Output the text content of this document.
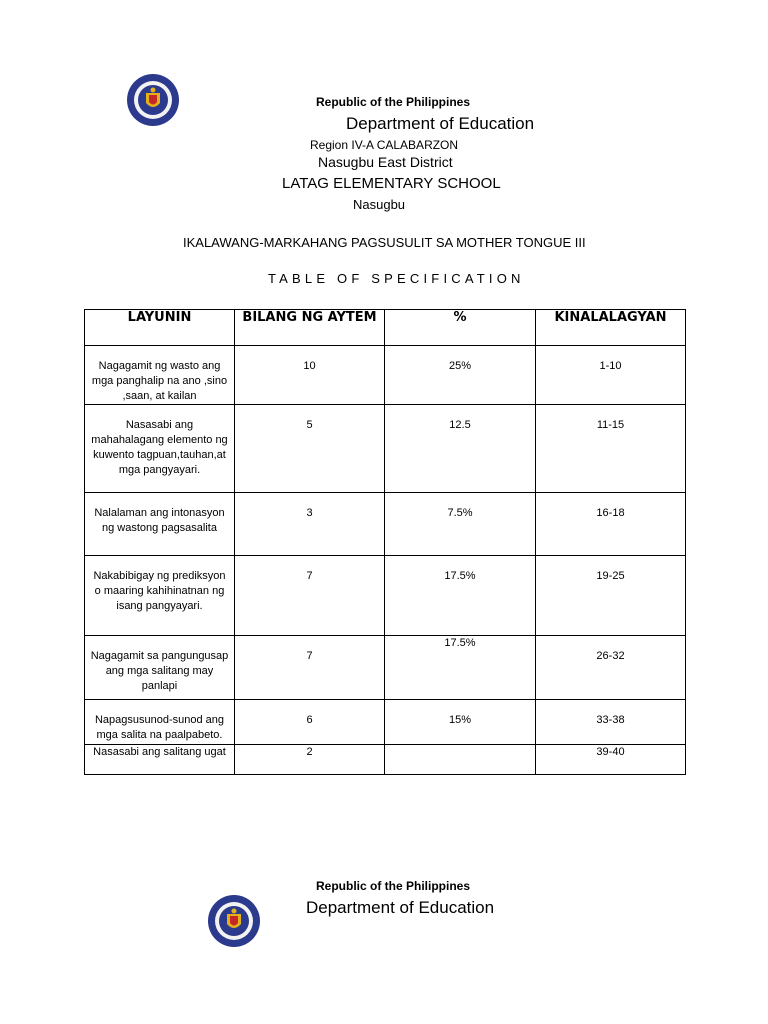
Republic of the Philippines
Department of Education
Region IV-A CALABARZON
Nasugbu East District
LATAG ELEMENTARY SCHOOL
Nasugbu
IKALAWANG-MARKAHANG PAGSUSULIT SA MOTHER TONGUE III
TABLE OF SPECIFICATION
LAYUNIN	BILANG NG AYTEM	%	KINALALAGYAN
Nagagamit ng wasto ang mga panghalip na ano ,sino ,saan, at kailan	10	25%	1-10
Nasasabi ang mahahalagang elemento ng kuwento tagpuan,tauhan,at mga pangyayari.	5	12.5	11-15
Nalalaman ang intonasyon ng wastong pagsasalita	3	7.5%	16-18
Nakabibigay ng prediksyon o maaring kahihinatnan ng isang pangyayari.	7	17.5%	19-25
Nagagamit sa pangungusap ang mga salitang may panlapi	7	17.5%	26-32
Napagsusunod-sunod ang mga salita na paalpabeto.	6	15%	33-38
Nasasabi ang salitang ugat	2		39-40
Republic of the Philippines
Department of Education
